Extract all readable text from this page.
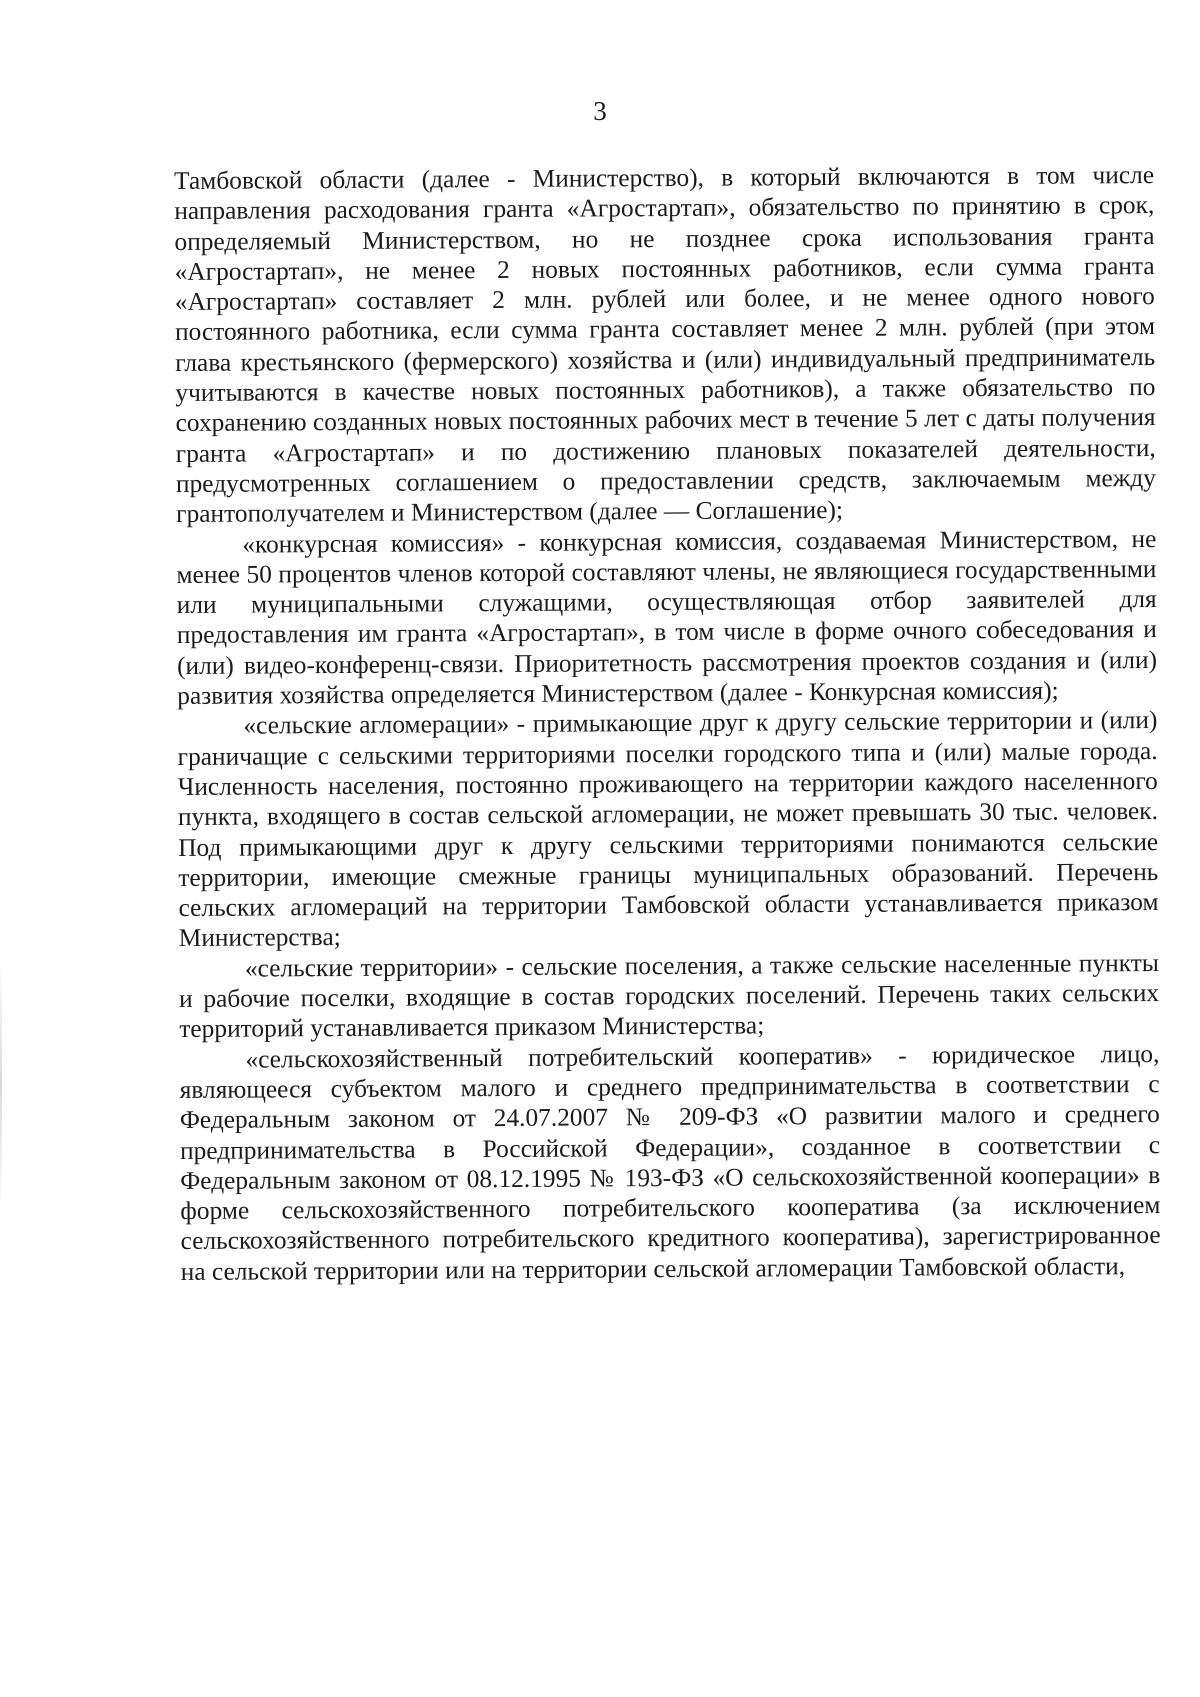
3

Тамбовской области (далее - Министерство), в который включаются в том числе направления расходования гранта «Агростартап», обязательство по принятию в срок, определяемый Министерством, но не позднее срока использования гранта «Агростартап», не менее 2 новых постоянных работников, если сумма гранта «Агростартап» составляет 2 млн. рублей или более, и не менее одного нового постоянного работника, если сумма гранта составляет менее 2 млн. рублей (при этом глава крестьянского (фермерского) хозяйства и (или) индивидуальный предприниматель учитываются в качестве новых постоянных работников), а также обязательство по сохранению созданных новых постоянных рабочих мест в течение 5 лет с даты получения гранта «Агростартап» и по достижению плановых показателей деятельности, предусмотренных соглашением о предоставлении средств, заключаемым между грантополучателем и Министерством (далее — Соглашение);

«конкурсная комиссия» - конкурсная комиссия, создаваемая Министерством, не менее 50 процентов членов которой составляют члены, не являющиеся государственными или муниципальными служащими, осуществляющая отбор заявителей для предоставления им гранта «Агростартап», в том числе в форме очного собеседования и (или) видео-конференц-связи. Приоритетность рассмотрения проектов создания и (или) развития хозяйства определяется Министерством (далее - Конкурсная комиссия);

«сельские агломерации» - примыкающие друг к другу сельские территории и (или) граничащие с сельскими территориями поселки городского типа и (или) малые города. Численность населения, постоянно проживающего на территории каждого населенного пункта, входящего в состав сельской агломерации, не может превышать 30 тыс. человек. Под примыкающими друг к другу сельскими территориями понимаются сельские территории, имеющие смежные границы муниципальных образований. Перечень сельских агломераций на территории Тамбовской области устанавливается приказом Министерства;

«сельские территории» - сельские поселения, а также сельские населенные пункты и рабочие поселки, входящие в состав городских поселений. Перечень таких сельских территорий устанавливается приказом Министерства;

«сельскохозяйственный потребительский кооператив» - юридическое лицо, являющееся субъектом малого и среднего предпринимательства в соответствии с Федеральным законом от 24.07.2007 № 209-ФЗ «О развитии малого и среднего предпринимательства в Российской Федерации», созданное в соответствии с Федеральным законом от 08.12.1995 № 193-ФЗ «О сельскохозяйственной кооперации» в форме сельскохозяйственного потребительского кооператива (за исключением сельскохозяйственного потребительского кредитного кооператива), зарегистрированное на сельской территории или на территории сельской агломерации Тамбовской области,
